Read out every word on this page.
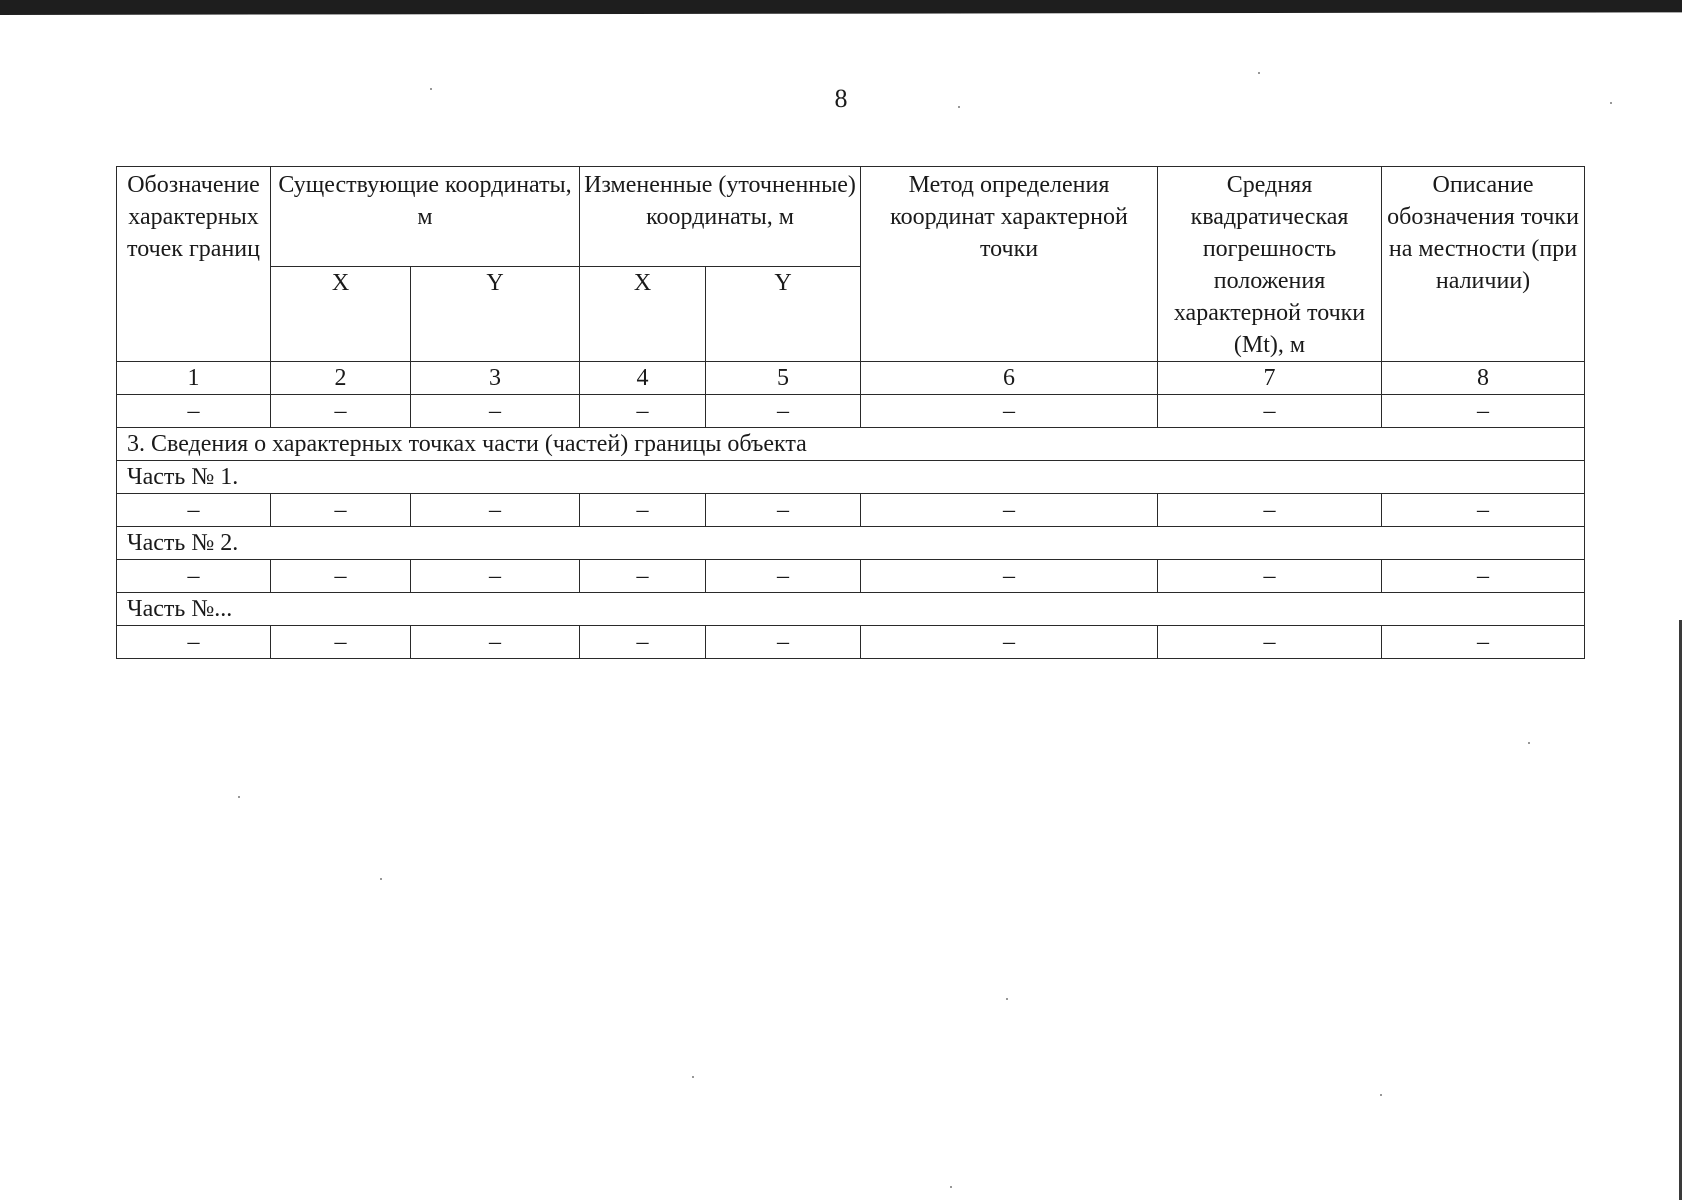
8
Обозначение характерных точек границ	Существующие координаты, м		Измененные (уточненные) координаты, м		Метод определения координат характерной точки	Средняя квадратическая погрешность положения характерной точки (Mt), м	Описание обозначения точки на местности (при наличии)
	X	Y	X	Y			
1	2	3	4	5	6	7	8
–	–	–	–	–	–	–	–
3. Сведения о характерных точках части (частей) границы объекта							
Часть № 1.							
–	–	–	–	–	–	–	–
Часть № 2.							
–	–	–	–	–	–	–	–
Часть №...							
–	–	–	–	–	–	–	–
